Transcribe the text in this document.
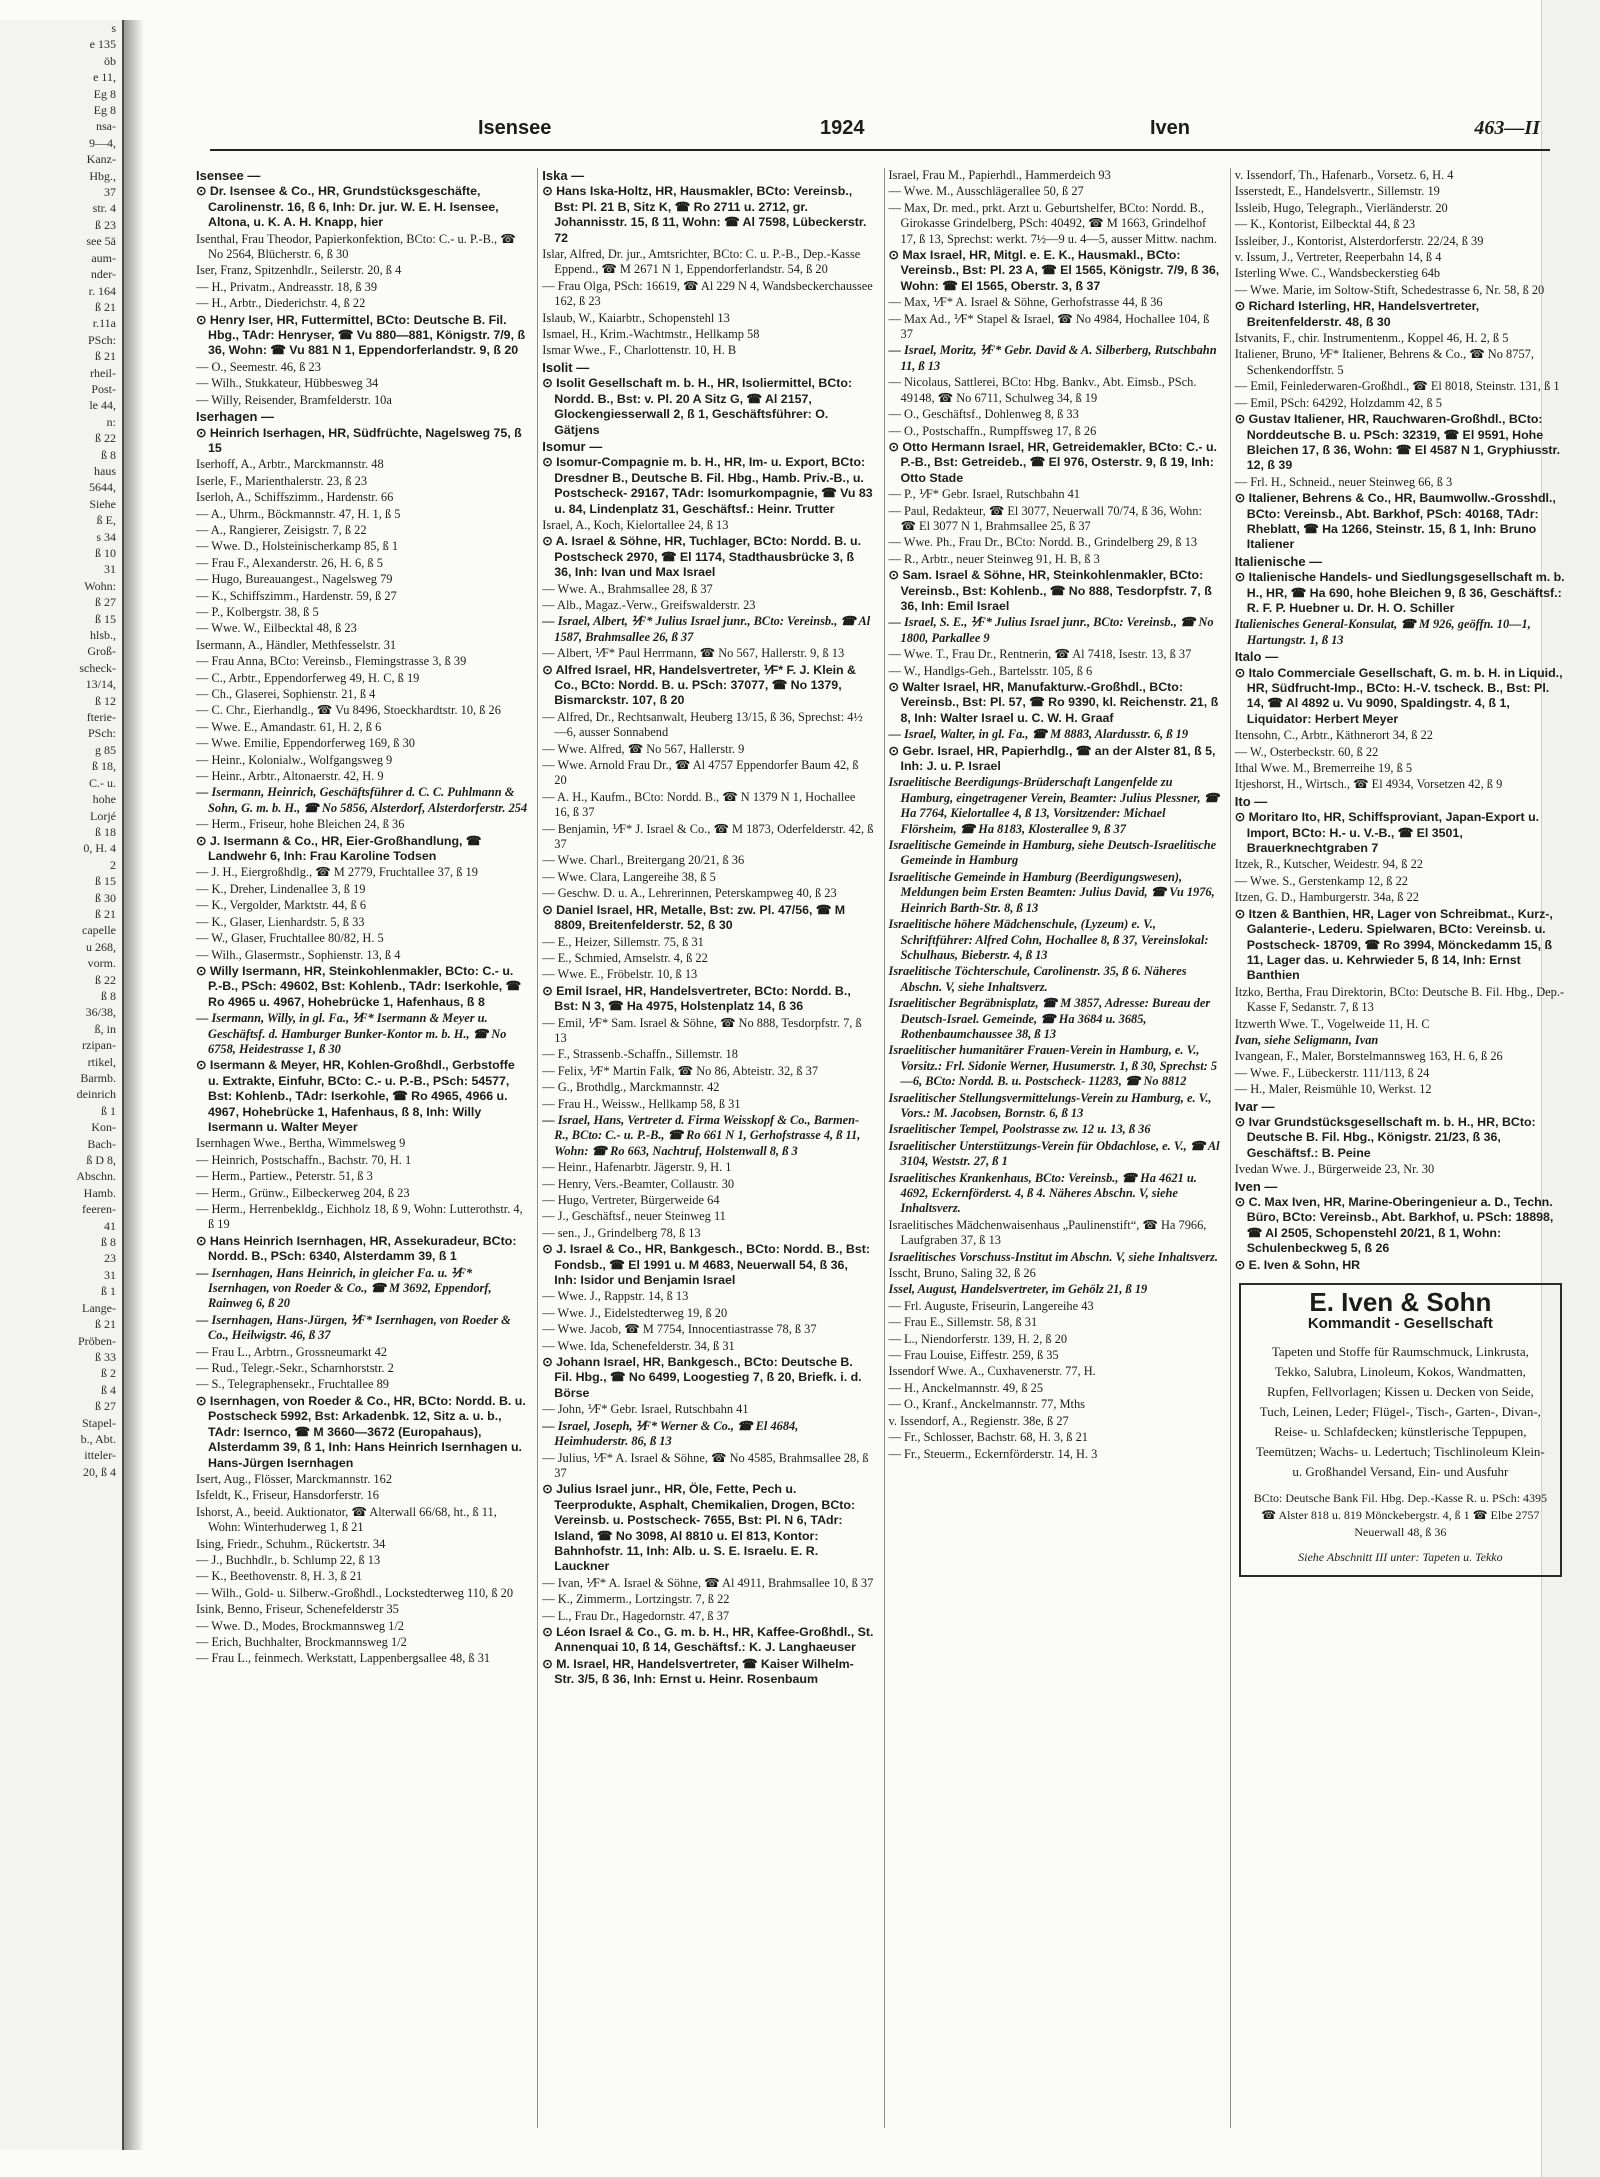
s
e 135
öb
e 11,
Eg 8
Eg 8
nsa-
9—4,
Kanz-
Hbg.,
37
str. 4
ß 23
see 5ä
aum-
nder-
r. 164
ß 21
r.11a
PSch:
ß 21
rheil-
Post-
le 44,
n:
ß 22
ß 8
haus
5644,
Siehe
ß E,
s 34
ß 10
31
Wohn:
ß 27
ß 15
hlsb.,
Groß-
scheck-
13/14,
ß 12
fterie-
PSch:
g 85
ß 18,
C.- u.
hohe
Lorjé
ß 18
0, H. 4
2
ß 15
ß 30
ß 21
capelle
u 268,
vorm.
ß 22
ß 8
36/38,
ß, in
rzipan-
rtikel,
Barmb.
deinrich
ß 1
Kon-
Bach-
ß D 8,
Abschn.
Hamb.
feeren-
41
ß 8
23
31
ß 1
Lange-
ß 21
Pröben-
ß 33
ß 2
ß 4
ß 27
Stapel-
b., Abt.
itteler-
20, ß 4
Isensee	1924	Iven	463—II
Isensee —
⊙ Dr. Isensee & Co., HR, Grundstücksgeschäfte, Carolinenstr. 16, ß 6, Inh: Dr. jur. W. E. H. Isensee, Altona, u. K. A. H. Knapp, hier
Isenthal, Frau Theodor, Papierkonfektion, BCto: C.- u. P.-B., ☎ No 2564, Blücherstr. 6, ß 30
Iser, Franz, Spitzenhdlr., Seilerstr. 20, ß 4
— H., Privatm., Andreasstr. 18, ß 39
— H., Arbtr., Diederichstr. 4, ß 22
⊙ Henry Iser, HR, Futtermittel, BCto: Deutsche B. Fil. Hbg., TAdr: Henryser, ☎ Vu 880—881, Königstr. 7/9, ß 36, Wohn: ☎ Vu 881 N 1, Eppendorferlandstr. 9, ß 20
— O., Seemestr. 46, ß 23
— Wilh., Stukkateur, Hübbesweg 34
— Willy, Reisender, Bramfelderstr. 10a
Iserhagen —
⊙ Heinrich Iserhagen, HR, Südfrüchte, Nagelsweg 75, ß 15
Iserhoff, A., Arbtr., Marckmannstr. 48
Iserle, F., Marienthalerstr. 23, ß 23
Iserloh, A., Schiffszimm., Hardenstr. 66
— A., Uhrm., Böckmannstr. 47, H. 1, ß 5
— A., Rangierer, Zeisigstr. 7, ß 22
— Wwe. D., Holsteinischerkamp 85, ß 1
— Frau F., Alexanderstr. 26, H. 6, ß 5
— Hugo, Bureauangest., Nagelsweg 79
— K., Schiffszimm., Hardenstr. 59, ß 27
— P., Kolbergstr. 38, ß 5
— Wwe. W., Eilbecktal 48, ß 23
Isermann, A., Händler, Methfesselstr. 31
— Frau Anna, BCto: Vereinsb., Flemingstrasse 3, ß 39
— C., Arbtr., Eppendorferweg 49, H. C, ß 19
— Ch., Glaserei, Sophienstr. 21, ß 4
— C. Chr., Eierhandlg., ☎ Vu 8496, Stoeckhardtstr. 10, ß 26
— Wwe. E., Amandastr. 61, H. 2, ß 6
— Wwe. Emilie, Eppendorferweg 169, ß 30
— Heinr., Kolonialw., Wolfgangsweg 9
— Heinr., Arbtr., Altonaerstr. 42, H. 9
— Isermann, Heinrich, Geschäftsführer d. C. C. Puhlmann & Sohn, G. m. b. H., ☎ No 5856, Alsterdorf, Alsterdorferstr. 254
— Herm., Friseur, hohe Bleichen 24, ß 36
⊙ J. Isermann & Co., HR, Eier-Großhandlung, ☎ Landwehr 6, Inh: Frau Karoline Todsen
— J. H., Eiergroßhdlg., ☎ M 2779, Fruchtallee 37, ß 19
— K., Dreher, Lindenallee 3, ß 19
— K., Vergolder, Marktstr. 44, ß 6
— K., Glaser, Lienhardstr. 5, ß 33
— W., Glaser, Fruchtallee 80/82, H. 5
— Wilh., Glasermstr., Sophienstr. 13, ß 4
⊙ Willy Isermann, HR, Steinkohlenmakler, BCto: C.- u. P.-B., PSch: 49602, Bst: Kohlenb., TAdr: Iserkohle, ☎ Ro 4965 u. 4967, Hohebrücke 1, Hafenhaus, ß 8
— Isermann, Willy, in gl. Fa., ⅟F* Isermann & Meyer u. Geschäftsf. d. Hamburger Bunker-Kontor m. b. H., ☎ No 6758, Heidestrasse 1, ß 30
⊙ Isermann & Meyer, HR, Kohlen-Großhdl., Gerbstoffe u. Extrakte, Einfuhr, BCto: C.- u. P.-B., PSch: 54577, Bst: Kohlenb., TAdr: Iserkohle, ☎ Ro 4965, 4966 u. 4967, Hohebrücke 1, Hafenhaus, ß 8, Inh: Willy Isermann u. Walter Meyer
Isernhagen Wwe., Bertha, Wimmelsweg 9
— Heinrich, Postschaffn., Bachstr. 70, H. 1
— Herm., Partiew., Peterstr. 51, ß 3
— Herm., Grünw., Eilbeckerweg 204, ß 23
— Herm., Herrenbekldg., Eichholz 18, ß 9, Wohn: Lutterothstr. 4, ß 19
⊙ Hans Heinrich Isernhagen, HR, Assekuradeur, BCto: Nordd. B., PSch: 6340, Alsterdamm 39, ß 1
— Isernhagen, Hans Heinrich, in gleicher Fa. u. ⅟F* Isernhagen, von Roeder & Co., ☎ M 3692, Eppendorf, Rainweg 6, ß 20
— Isernhagen, Hans-Jürgen, ⅟F* Isernhagen, von Roeder & Co., Heilwigstr. 46, ß 37
— Frau L., Arbtrn., Grossneumarkt 42
— Rud., Telegr.-Sekr., Scharnhorststr. 2
— S., Telegraphensekr., Fruchtallee 89
⊙ Isernhagen, von Roeder & Co., HR, BCto: Nordd. B. u. Postscheck 5992, Bst: Arkadenbk. 12, Sitz a. u. b., TAdr: Isernco, ☎ M 3660—3672 (Europahaus), Alsterdamm 39, ß 1, Inh: Hans Heinrich Isernhagen u. Hans-Jürgen Isernhagen
Isert, Aug., Flösser, Marckmannstr. 162
Isfeldt, K., Friseur, Hansdorferstr. 16
Ishorst, A., beeid. Auktionator, ☎ Alterwall 66/68, ht., ß 11, Wohn: Winterhuderweg 1, ß 21
Ising, Friedr., Schuhm., Rückertstr. 34
— J., Buchhdlr., b. Schlump 22, ß 13
— K., Beethovenstr. 8, H. 3, ß 21
— Wilh., Gold- u. Silberw.-Großhdl., Lockstedterweg 110, ß 20
Isink, Benno, Friseur, Schenefelderstr 35
— Wwe. D., Modes, Brockmannsweg 1/2
— Erich, Buchhalter, Brockmannsweg 1/2
— Frau L., feinmech. Werkstatt, Lappenbergsallee 48, ß 31
Iska —
⊙ Hans Iska-Holtz, HR, Hausmakler, BCto: Vereinsb., Bst: Pl. 21 B, Sitz K, ☎ Ro 2711 u. 2712, gr. Johannisstr. 15, ß 11, Wohn: ☎ Al 7598, Lübeckerstr. 72
Islar, Alfred, Dr. jur., Amtsrichter, BCto: C. u. P.-B., Dep.-Kasse Eppend., ☎ M 2671 N 1, Eppendorferlandstr. 54, ß 20
— Frau Olga, PSch: 16619, ☎ Al 229 N 4, Wandsbeckerchaussee 162, ß 23
Islaub, W., Kaiarbtr., Schopenstehl 13
Ismael, H., Krim.-Wachtmstr., Hellkamp 58
Ismar Wwe., F., Charlottenstr. 10, H. B
Isolit —
⊙ Isolit Gesellschaft m. b. H., HR, Isoliermittel, BCto: Nordd. B., Bst: v. Pl. 20 A Sitz G, ☎ Al 2157, Glockengiesserwall 2, ß 1, Geschäftsführer: O. Gätjens
Isomur —
⊙ Isomur-Compagnie m. b. H., HR, Im- u. Export, BCto: Dresdner B., Deutsche B. Fil. Hbg., Hamb. Priv.-B., u. Postscheck- 29167, TAdr: Isomurkompagnie, ☎ Vu 83 u. 84, Lindenplatz 31, Geschäftsf.: Heinr. Trutter
Israel, A., Koch, Kielortallee 24, ß 13
⊙ A. Israel & Söhne, HR, Tuchlager, BCto: Nordd. B. u. Postscheck 2970, ☎ El 1174, Stadthausbrücke 3, ß 36, Inh: Ivan und Max Israel
— Wwe. A., Brahmsallee 28, ß 37
— Alb., Magaz.-Verw., Greifswalderstr. 23
— Israel, Albert, ⅟F* Julius Israel junr., BCto: Vereinsb., ☎ Al 1587, Brahmsallee 26, ß 37
— Albert, ⅟F* Paul Herrmann, ☎ No 567, Hallerstr. 9, ß 13
⊙ Alfred Israel, HR, Handelsvertreter, ⅟F* F. J. Klein & Co., BCto: Nordd. B. u. PSch: 37077, ☎ No 1379, Bismarckstr. 107, ß 20
— Alfred, Dr., Rechtsanwalt, Heuberg 13/15, ß 36, Sprechst: 4½—6, ausser Sonnabend
— Wwe. Alfred, ☎ No 567, Hallerstr. 9
— Wwe. Arnold Frau Dr., ☎ Al 4757 Eppendorfer Baum 42, ß 20
— A. H., Kaufm., BCto: Nordd. B., ☎ N 1379 N 1, Hochallee 16, ß 37
— Benjamin, ⅟F* J. Israel & Co., ☎ M 1873, Oderfelderstr. 42, ß 37
— Wwe. Charl., Breitergang 20/21, ß 36
— Wwe. Clara, Langereihe 38, ß 5
— Geschw. D. u. A., Lehrerinnen, Peterskampweg 40, ß 23
⊙ Daniel Israel, HR, Metalle, Bst: zw. Pl. 47/56, ☎ M 8809, Breitenfelderstr. 52, ß 30
— E., Heizer, Sillemstr. 75, ß 31
— E., Schmied, Amselstr. 4, ß 22
— Wwe. E., Fröbelstr. 10, ß 13
⊙ Emil Israel, HR, Handelsvertreter, BCto: Nordd. B., Bst: N 3, ☎ Ha 4975, Holstenplatz 14, ß 36
— Emil, ⅟F* Sam. Israel & Söhne, ☎ No 888, Tesdorpfstr. 7, ß 13
— F., Strassenb.-Schaffn., Sillemstr. 18
— Felix, ⅟F* Martin Falk, ☎ No 86, Abteistr. 32, ß 37
— G., Brothdlg., Marckmannstr. 42
— Frau H., Weissw., Hellkamp 58, ß 31
— Israel, Hans, Vertreter d. Firma Weisskopf & Co., Barmen-R., BCto: C.- u. P.-B., ☎ Ro 661 N 1, Gerhofstrasse 4, ß 11, Wohn: ☎ Ro 663, Nachtruf, Holstenwall 8, ß 3
— Heinr., Hafenarbtr. Jägerstr. 9, H. 1
— Henry, Vers.-Beamter, Collaustr. 30
— Hugo, Vertreter, Bürgerweide 64
— J., Geschäftsf., neuer Steinweg 11
— sen., J., Grindelberg 78, ß 13
⊙ J. Israel & Co., HR, Bankgesch., BCto: Nordd. B., Bst: Fondsb., ☎ El 1991 u. M 4683, Neuerwall 54, ß 36, Inh: Isidor und Benjamin Israel
— Wwe. J., Rappstr. 14, ß 13
— Wwe. J., Eidelstedterweg 19, ß 20
— Wwe. Jacob, ☎ M 7754, Innocentiastrasse 78, ß 37
— Wwe. Ida, Schenefelderstr. 34, ß 31
⊙ Johann Israel, HR, Bankgesch., BCto: Deutsche B. Fil. Hbg., ☎ No 6499, Loogestieg 7, ß 20, Briefk. i. d. Börse
— John, ⅟F* Gebr. Israel, Rutschbahn 41
— Israel, Joseph, ⅟F* Werner & Co., ☎ El 4684, Heimhuderstr. 86, ß 13
— Julius, ⅟F* A. Israel & Söhne, ☎ No 4585, Brahmsallee 28, ß 37
⊙ Julius Israel junr., HR, Öle, Fette, Pech u. Teerprodukte, Asphalt, Chemikalien, Drogen, BCto: Vereinsb. u. Postscheck- 7655, Bst: Pl. N 6, TAdr: Island, ☎ No 3098, Al 8810 u. El 813, Kontor: Bahnhofstr. 11, Inh: Alb. u. S. E. Israelu. E. R. Lauckner
— Ivan, ⅟F* A. Israel & Söhne, ☎ Al 4911, Brahmsallee 10, ß 37
— K., Zimmerm., Lortzingstr. 7, ß 22
— L., Frau Dr., Hagedornstr. 47, ß 37
⊙ Léon Israel & Co., G. m. b. H., HR, Kaffee-Großhdl., St. Annenquai 10, ß 14, Geschäftsf.: K. J. Langhaeuser
⊙ M. Israel, HR, Handelsvertreter, ☎ Kaiser Wilhelm-Str. 3/5, ß 36, Inh: Ernst u. Heinr. Rosenbaum
Israel, Frau M., Papierhdl., Hammerdeich 93
— Wwe. M., Ausschlägerallee 50, ß 27
— Max, Dr. med., prkt. Arzt u. Geburtshelfer, BCto: Nordd. B., Girokasse Grindelberg, PSch: 40492, ☎ M 1663, Grindelhof 17, ß 13, Sprechst: werkt. 7½—9 u. 4—5, ausser Mittw. nachm.
⊙ Max Israel, HR, Mitgl. e. E. K., Hausmakl., BCto: Vereinsb., Bst: Pl. 23 A, ☎ El 1565, Königstr. 7/9, ß 36, Wohn: ☎ El 1565, Oberstr. 3, ß 37
— Max, ⅟F* A. Israel & Söhne, Gerhofstrasse 44, ß 36
— Max Ad., ⅟F* Stapel & Israel, ☎ No 4984, Hochallee 104, ß 37
— Israel, Moritz, ⅟F* Gebr. David & A. Silberberg, Rutschbahn 11, ß 13
— Nicolaus, Sattlerei, BCto: Hbg. Bankv., Abt. Eimsb., PSch. 49148, ☎ No 6711, Schulweg 34, ß 19
— O., Geschäftsf., Dohlenweg 8, ß 33
— O., Postschaffn., Rumpffsweg 17, ß 26
⊙ Otto Hermann Israel, HR, Getreidemakler, BCto: C.- u. P.-B., Bst: Getreideb., ☎ El 976, Osterstr. 9, ß 19, Inh: Otto Stade
— P., ⅟F* Gebr. Israel, Rutschbahn 41
— Paul, Redakteur, ☎ El 3077, Neuerwall 70/74, ß 36, Wohn: ☎ El 3077 N 1, Brahmsallee 25, ß 37
— Wwe. Ph., Frau Dr., BCto: Nordd. B., Grindelberg 29, ß 13
— R., Arbtr., neuer Steinweg 91, H. B, ß 3
⊙ Sam. Israel & Söhne, HR, Steinkohlenmakler, BCto: Vereinsb., Bst: Kohlenb., ☎ No 888, Tesdorpfstr. 7, ß 36, Inh: Emil Israel
— Israel, S. E., ⅟F* Julius Israel junr., BCto: Vereinsb., ☎ No 1800, Parkallee 9
— Wwe. T., Frau Dr., Rentnerin, ☎ Al 7418, Isestr. 13, ß 37
— W., Handlgs-Geh., Bartelsstr. 105, ß 6
⊙ Walter Israel, HR, Manufakturw.-Großhdl., BCto: Vereinsb., Bst: Pl. 57, ☎ Ro 9390, kl. Reichenstr. 21, ß 8, Inh: Walter Israel u. C. W. H. Graaf
— Israel, Walter, in gl. Fa., ☎ M 8883, Alardusstr. 6, ß 19
⊙ Gebr. Israel, HR, Papierhdlg., ☎ an der Alster 81, ß 5, Inh: J. u. P. Israel
Israelitische Beerdigungs-Brüderschaft Langenfelde zu Hamburg, eingetragener Verein, Beamter: Julius Plessner, ☎ Ha 7764, Kielortallee 4, ß 13, Vorsitzender: Michael Flörsheim, ☎ Ha 8183, Klosterallee 9, ß 37
Israelitische Gemeinde in Hamburg, siehe Deutsch-Israelitische Gemeinde in Hamburg
Israelitische Gemeinde in Hamburg (Beerdigungswesen), Meldungen beim Ersten Beamten: Julius David, ☎ Vu 1976, Heinrich Barth-Str. 8, ß 13
Israelitische höhere Mädchenschule, (Lyzeum) e. V., Schriftführer: Alfred Cohn, Hochallee 8, ß 37, Vereinslokal: Schulhaus, Bieberstr. 4, ß 13
Israelitische Töchterschule, Carolinenstr. 35, ß 6. Näheres Abschn. V, siehe Inhaltsverz.
Israelitischer Begräbnisplatz, ☎ M 3857, Adresse: Bureau der Deutsch-Israel. Gemeinde, ☎ Ha 3684 u. 3685, Rothenbaumchaussee 38, ß 13
Israelitischer humanitärer Frauen-Verein in Hamburg, e. V., Vorsitz.: Frl. Sidonie Werner, Husumerstr. 1, ß 30, Sprechst: 5—6, BCto: Nordd. B. u. Postscheck- 11283, ☎ No 8812
Israelitischer Stellungsvermittelungs-Verein zu Hamburg, e. V., Vors.: M. Jacobsen, Bornstr. 6, ß 13
Israelitischer Tempel, Poolstrasse zw. 12 u. 13, ß 36
Israelitischer Unterstützungs-Verein für Obdachlose, e. V., ☎ Al 3104, Weststr. 27, ß 1
Israelitisches Krankenhaus, BCto: Vereinsb., ☎ Ha 4621 u. 4692, Eckernförderst. 4, ß 4. Näheres Abschn. V, siehe Inhaltsverz.
Israelitisches Mädchenwaisenhaus „Paulinenstift“, ☎ Ha 7966, Laufgraben 37, ß 13
Israelitisches Vorschuss-Institut im Abschn. V, siehe Inhaltsverz.
Isscht, Bruno, Saling 32, ß 26
Issel, August, Handelsvertreter, im Gehölz 21, ß 19
— Frl. Auguste, Friseurin, Langereihe 43
— Frau E., Sillemstr. 58, ß 31
— L., Niendorferstr. 139, H. 2, ß 20
— Frau Louise, Eiffestr. 259, ß 35
Issendorf Wwe. A., Cuxhavenerstr. 77, H.
— H., Anckelmannstr. 49, ß 25
— O., Kranf., Anckelmannstr. 77, Mths
v. Issendorf, A., Regienstr. 38e, ß 27
— Fr., Schlosser, Bachstr. 68, H. 3, ß 21
— Fr., Steuerm., Eckernförderstr. 14, H. 3
v. Issendorf, Th., Hafenarb., Vorsetz. 6, H. 4
Isserstedt, E., Handelsvertr., Sillemstr. 19
Issleib, Hugo, Telegraph., Vierländerstr. 20
— K., Kontorist, Eilbecktal 44, ß 23
Issleiber, J., Kontorist, Alsterdorferstr. 22/24, ß 39
v. Issum, J., Vertreter, Reeperbahn 14, ß 4
Isterling Wwe. C., Wandsbeckerstieg 64b
— Wwe. Marie, im Soltow-Stift, Schedestrasse 6, Nr. 58, ß 20
⊙ Richard Isterling, HR, Handelsvertreter, Breitenfelderstr. 48, ß 30
Istvanits, F., chir. Instrumentenm., Koppel 46, H. 2, ß 5
Italiener, Bruno, ⅟F* Italiener, Behrens & Co., ☎ No 8757, Schenkendorffstr. 5
— Emil, Feinlederwaren-Großhdl., ☎ El 8018, Steinstr. 131, ß 1
— Emil, PSch: 64292, Holzdamm 42, ß 5
⊙ Gustav Italiener, HR, Rauchwaren-Großhdl., BCto: Norddeutsche B. u. PSch: 32319, ☎ El 9591, Hohe Bleichen 17, ß 36, Wohn: ☎ El 4587 N 1, Gryphiusstr. 12, ß 39
— Frl. H., Schneid., neuer Steinweg 66, ß 3
⊙ Italiener, Behrens & Co., HR, Baumwollw.-Grosshdl., BCto: Vereinsb., Abt. Barkhof, PSch: 40168, TAdr: Rheblatt, ☎ Ha 1266, Steinstr. 15, ß 1, Inh: Bruno Italiener
Italienische —
⊙ Italienische Handels- und Siedlungsgesellschaft m. b. H., HR, ☎ Ha 690, hohe Bleichen 9, ß 36, Geschäftsf.: R. F. P. Huebner u. Dr. H. O. Schiller
Italienisches General-Konsulat, ☎ M 926, geöffn. 10—1, Hartungstr. 1, ß 13
Italo —
⊙ Italo Commerciale Gesellschaft, G. m. b. H. in Liquid., HR, Südfrucht-Imp., BCto: H.-V. tscheck. B., Bst: Pl. 14, ☎ Al 4892 u. Vu 9090, Spaldingstr. 4, ß 1, Liquidator: Herbert Meyer
Itensohn, C., Arbtr., Käthnerort 34, ß 22
— W., Osterbeckstr. 60, ß 22
Ithal Wwe. M., Bremerreihe 19, ß 5
Itjeshorst, H., Wirtsch., ☎ El 4934, Vorsetzen 42, ß 9
Ito —
⊙ Moritaro Ito, HR, Schiffsproviant, Japan-Export u. Import, BCto: H.- u. V.-B., ☎ El 3501, Brauerknechtgraben 7
Itzek, R., Kutscher, Weidestr. 94, ß 22
— Wwe. S., Gerstenkamp 12, ß 22
Itzen, G. D., Hamburgerstr. 34a, ß 22
⊙ Itzen & Banthien, HR, Lager von Schreibmat., Kurz-, Galanterie-, Lederu. Spielwaren, BCto: Vereinsb. u. Postscheck- 18709, ☎ Ro 3994, Mönckedamm 15, ß 11, Lager das. u. Kehrwieder 5, ß 14, Inh: Ernst Banthien
Itzko, Bertha, Frau Direktorin, BCto: Deutsche B. Fil. Hbg., Dep.-Kasse F, Sedanstr. 7, ß 13
Itzwerth Wwe. T., Vogelweide 11, H. C
Ivan, siehe Seligmann, Ivan
Ivangean, F., Maler, Borstelmannsweg 163, H. 6, ß 26
— Wwe. F., Lübeckerstr. 111/113, ß 24
— H., Maler, Reismühle 10, Werkst. 12
Ivar —
⊙ Ivar Grundstücksgesellschaft m. b. H., HR, BCto: Deutsche B. Fil. Hbg., Königstr. 21/23, ß 36, Geschäftsf.: B. Peine
Ivedan Wwe. J., Bürgerweide 23, Nr. 30
Iven —
⊙ C. Max Iven, HR, Marine-Oberingenieur a. D., Techn. Büro, BCto: Vereinsb., Abt. Barkhof, u. PSch: 18898, ☎ Al 2505, Schopenstehl 20/21, ß 1, Wohn: Schulenbeckweg 5, ß 26
⊙ E. Iven & Sohn, HR
E. Iven & Sohn
Kommandit - Gesellschaft
Tapeten und Stoffe für Raumschmuck, Linkrusta, Tekko, Salubra, Linoleum, Kokos, Wandmatten, Rupfen, Fellvorlagen; Kissen u. Decken von Seide, Tuch, Leinen, Leder; Flügel-, Tisch-, Garten-, Divan-, Reise- u. Schlafdecken; künstlerische Teppupen, Teemützen; Wachs- u. Ledertuch; Tischlinoleum Klein- u. Großhandel Versand, Ein- und Ausfuhr
BCto: Deutsche Bank Fil. Hbg. Dep.-Kasse R. u. PSch: 4395 ☎ Alster 818 u. 819 Mönckebergstr. 4, ß 1 ☎ Elbe 2757 Neuerwall 48, ß 36
Siehe Abschnitt III unter: Tapeten u. Tekko
